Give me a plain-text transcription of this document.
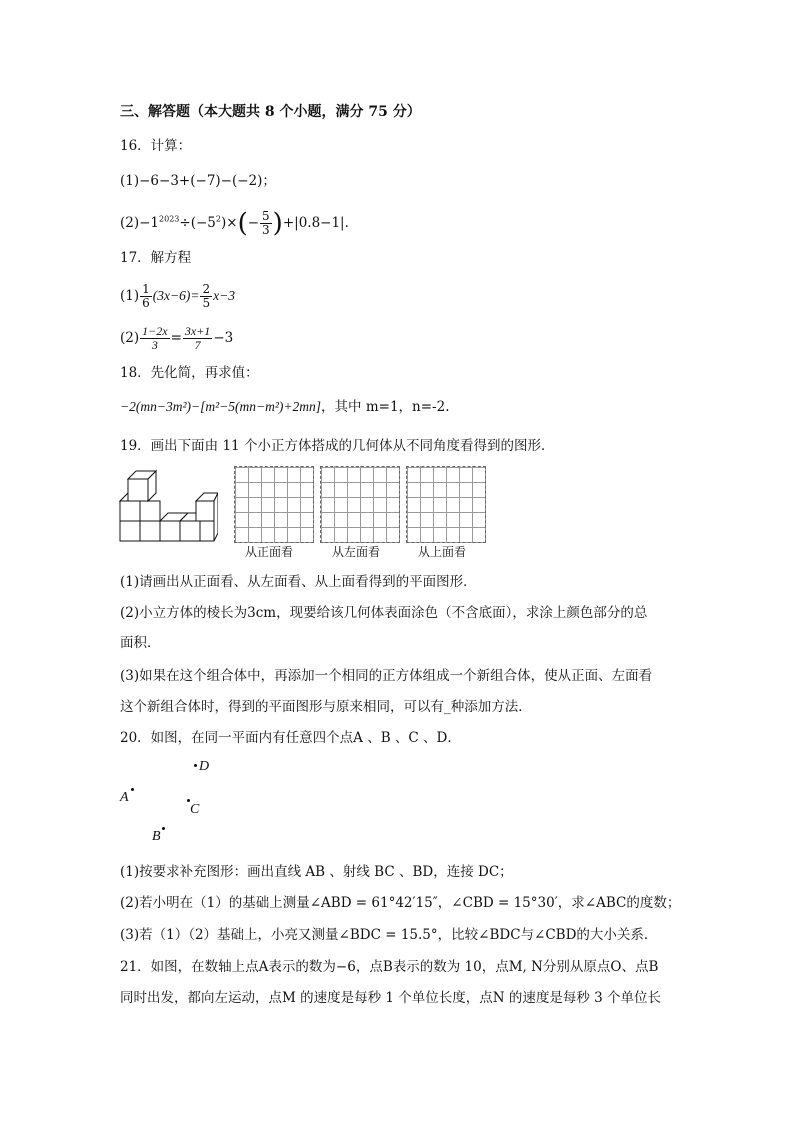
三、解答题（本大题共 8 个小题，满分 75 分）
16．计算：
(1)−6−3+(−7)−(−2)；
$(2)-1^{2023}\div(-5^2)\times(- \frac{5}{3} )+|0.8-1|$.
17．解方程
$(1) \frac{1}{6} (3x-6)= \frac{2}{5} x-3$
$(2) \frac{1-2x}{3} = \frac{3x+1}{7} -3$
18．先化简，再求值：
−2(mn−3m²)−[m²−5(mn−m²)+2mn]，其中 m=1，n=-2.
19．画出下面由 11 个小正方体搭成的几何体从不同角度看得到的图形．
从正面看	从左面看	从上面看
(1)请画出从正面看、从左面看、从上面看得到的平面图形．
(2)小立方体的棱长为3cm，现要给该几何体表面涂色（不含底面），求涂上颜色部分的总
面积．
(3)如果在这个组合体中，再添加一个相同的正方体组成一个新组合体，使从正面、左面看
这个新组合体时，得到的平面图形与原来相同，可以有_种添加方法．
20．如图，在同一平面内有任意四个点A 、B 、C 、D．
D
A
C
B
(1)按要求补充图形：画出直线 AB 、射线 BC 、BD，连接 DC；
(2)若小明在（1）的基础上测量∠ABD = 61°42′15″，∠CBD = 15°30′，求∠ABC的度数；
(3)若（1）（2）基础上，小亮又测量∠BDC = 15.5°，比较∠BDC与∠CBD的大小关系．
21．如图，在数轴上点A表示的数为−6，点B表示的数为 10，点M, N分别从原点O、点B
同时出发，都向左运动，点M 的速度是每秒 1 个单位长度，点N 的速度是每秒 3 个单位长
